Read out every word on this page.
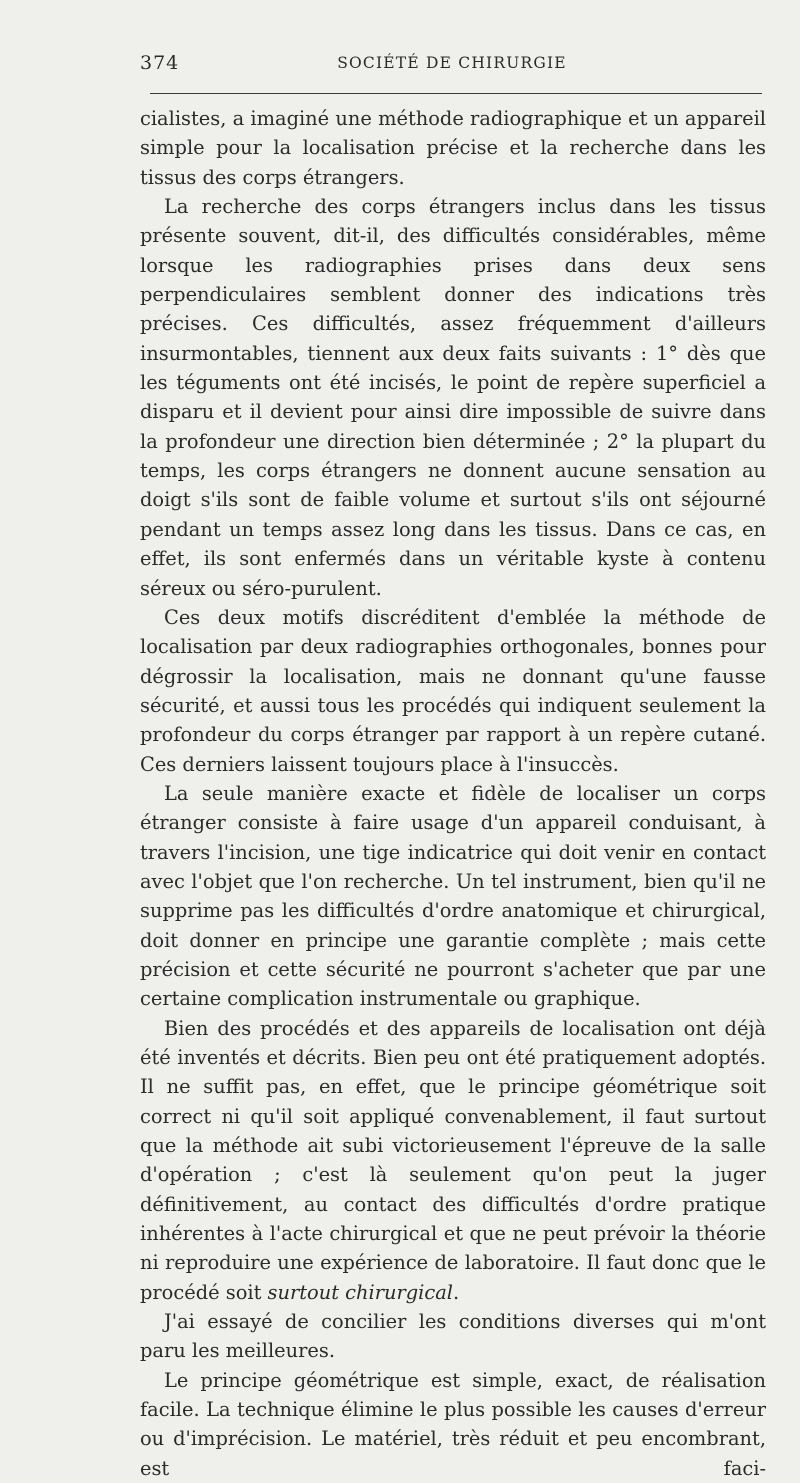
374	SOCIÉTÉ DE CHIRURGIE

cialistes, a imaginé une méthode radiographique et un appareil simple pour la localisation précise et la recherche dans les tissus des corps étrangers.

La recherche des corps étrangers inclus dans les tissus présente souvent, dit-il, des difficultés considérables, même lorsque les radiographies prises dans deux sens perpendiculaires semblent donner des indications très précises. Ces difficultés, assez fréquemment d'ailleurs insurmontables, tiennent aux deux faits suivants : 1° dès que les téguments ont été incisés, le point de repère superficiel a disparu et il devient pour ainsi dire impossible de suivre dans la profondeur une direction bien déterminée ; 2° la plupart du temps, les corps étrangers ne donnent aucune sensation au doigt s'ils sont de faible volume et surtout s'ils ont séjourné pendant un temps assez long dans les tissus. Dans ce cas, en effet, ils sont enfermés dans un véritable kyste à contenu séreux ou séro-purulent.

Ces deux motifs discréditent d'emblée la méthode de localisation par deux radiographies orthogonales, bonnes pour dégrossir la localisation, mais ne donnant qu'une fausse sécurité, et aussi tous les procédés qui indiquent seulement la profondeur du corps étranger par rapport à un repère cutané. Ces derniers laissent toujours place à l'insuccès.

La seule manière exacte et fidèle de localiser un corps étranger consiste à faire usage d'un appareil conduisant, à travers l'incision, une tige indicatrice qui doit venir en contact avec l'objet que l'on recherche. Un tel instrument, bien qu'il ne supprime pas les difficultés d'ordre anatomique et chirurgical, doit donner en principe une garantie complète ; mais cette précision et cette sécurité ne pourront s'acheter que par une certaine complication instrumentale ou graphique.

Bien des procédés et des appareils de localisation ont déjà été inventés et décrits. Bien peu ont été pratiquement adoptés. Il ne suffit pas, en effet, que le principe géométrique soit correct ni qu'il soit appliqué convenablement, il faut surtout que la méthode ait subi victorieusement l'épreuve de la salle d'opération ; c'est là seulement qu'on peut la juger définitivement, au contact des difficultés d'ordre pratique inhérentes à l'acte chirurgical et que ne peut prévoir la théorie ni reproduire une expérience de laboratoire. Il faut donc que le procédé soit surtout chirurgical.

J'ai essayé de concilier les conditions diverses qui m'ont paru les meilleures.

Le principe géométrique est simple, exact, de réalisation facile. La technique élimine le plus possible les causes d'erreur ou d'imprécision. Le matériel, très réduit et peu encombrant, est faci-
